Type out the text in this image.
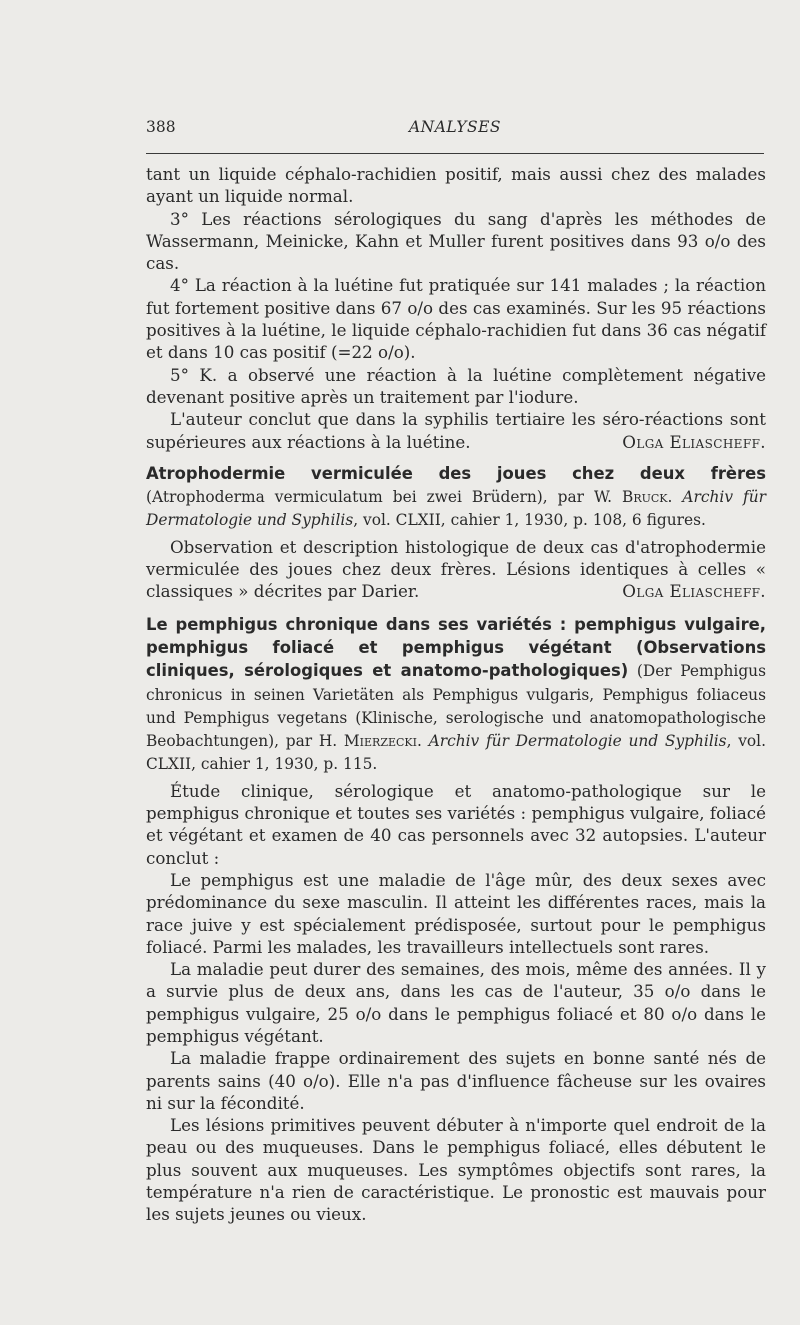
388	ANALYSES

tant un liquide céphalo-rachidien positif, mais aussi chez des malades ayant un liquide normal.

3° Les réactions sérologiques du sang d'après les méthodes de Wassermann, Meinicke, Kahn et Muller furent positives dans 93 o/o des cas.

4° La réaction à la luétine fut pratiquée sur 141 malades ; la réaction fut fortement positive dans 67 o/o des cas examinés. Sur les 95 réactions positives à la luétine, le liquide céphalo-rachidien fut dans 36 cas négatif et dans 10 cas positif (=22 o/o).

5° K. a observé une réaction à la luétine complètement négative devenant positive après un traitement par l'iodure.

L'auteur conclut que dans la syphilis tertiaire les séro-réactions sont supérieures aux réactions à la luétine.	Olga Eliascheff.

Atrophodermie vermiculée des joues chez deux frères (Atrophoderma vermiculatum bei zwei Brüdern), par W. Bruck. Archiv für Dermatologie und Syphilis, vol. CLXII, cahier 1, 1930, p. 108, 6 figures.

Observation et description histologique de deux cas d'atrophodermie vermiculée des joues chez deux frères. Lésions identiques à celles « classiques » décrites par Darier.	Olga Eliascheff.

Le pemphigus chronique dans ses variétés : pemphigus vulgaire, pemphigus foliacé et pemphigus végétant (Observations cliniques, sérologiques et anatomo-pathologiques) (Der Pemphigus chronicus in seinen Varietäten als Pemphigus vulgaris, Pemphigus foliaceus und Pemphigus vegetans (Klinische, serologische und anatomopathologische Beobachtungen), par H. Mierzecki. Archiv für Dermatologie und Syphilis, vol. CLXII, cahier 1, 1930, p. 115.

Étude clinique, sérologique et anatomo-pathologique sur le pemphigus chronique et toutes ses variétés : pemphigus vulgaire, foliacé et végétant et examen de 40 cas personnels avec 32 autopsies. L'auteur conclut :

Le pemphigus est une maladie de l'âge mûr, des deux sexes avec prédominance du sexe masculin. Il atteint les différentes races, mais la race juive y est spécialement prédisposée, surtout pour le pemphigus foliacé. Parmi les malades, les travailleurs intellectuels sont rares.

La maladie peut durer des semaines, des mois, même des années. Il y a survie plus de deux ans, dans les cas de l'auteur, 35 o/o dans le pemphigus vulgaire, 25 o/o dans le pemphigus foliacé et 80 o/o dans le pemphigus végétant.

La maladie frappe ordinairement des sujets en bonne santé nés de parents sains (40 o/o). Elle n'a pas d'influence fâcheuse sur les ovaires ni sur la fécondité.

Les lésions primitives peuvent débuter à n'importe quel endroit de la peau ou des muqueuses. Dans le pemphigus foliacé, elles débutent le plus souvent aux muqueuses. Les symptômes objectifs sont rares, la température n'a rien de caractéristique. Le pronostic est mauvais pour les sujets jeunes ou vieux.
